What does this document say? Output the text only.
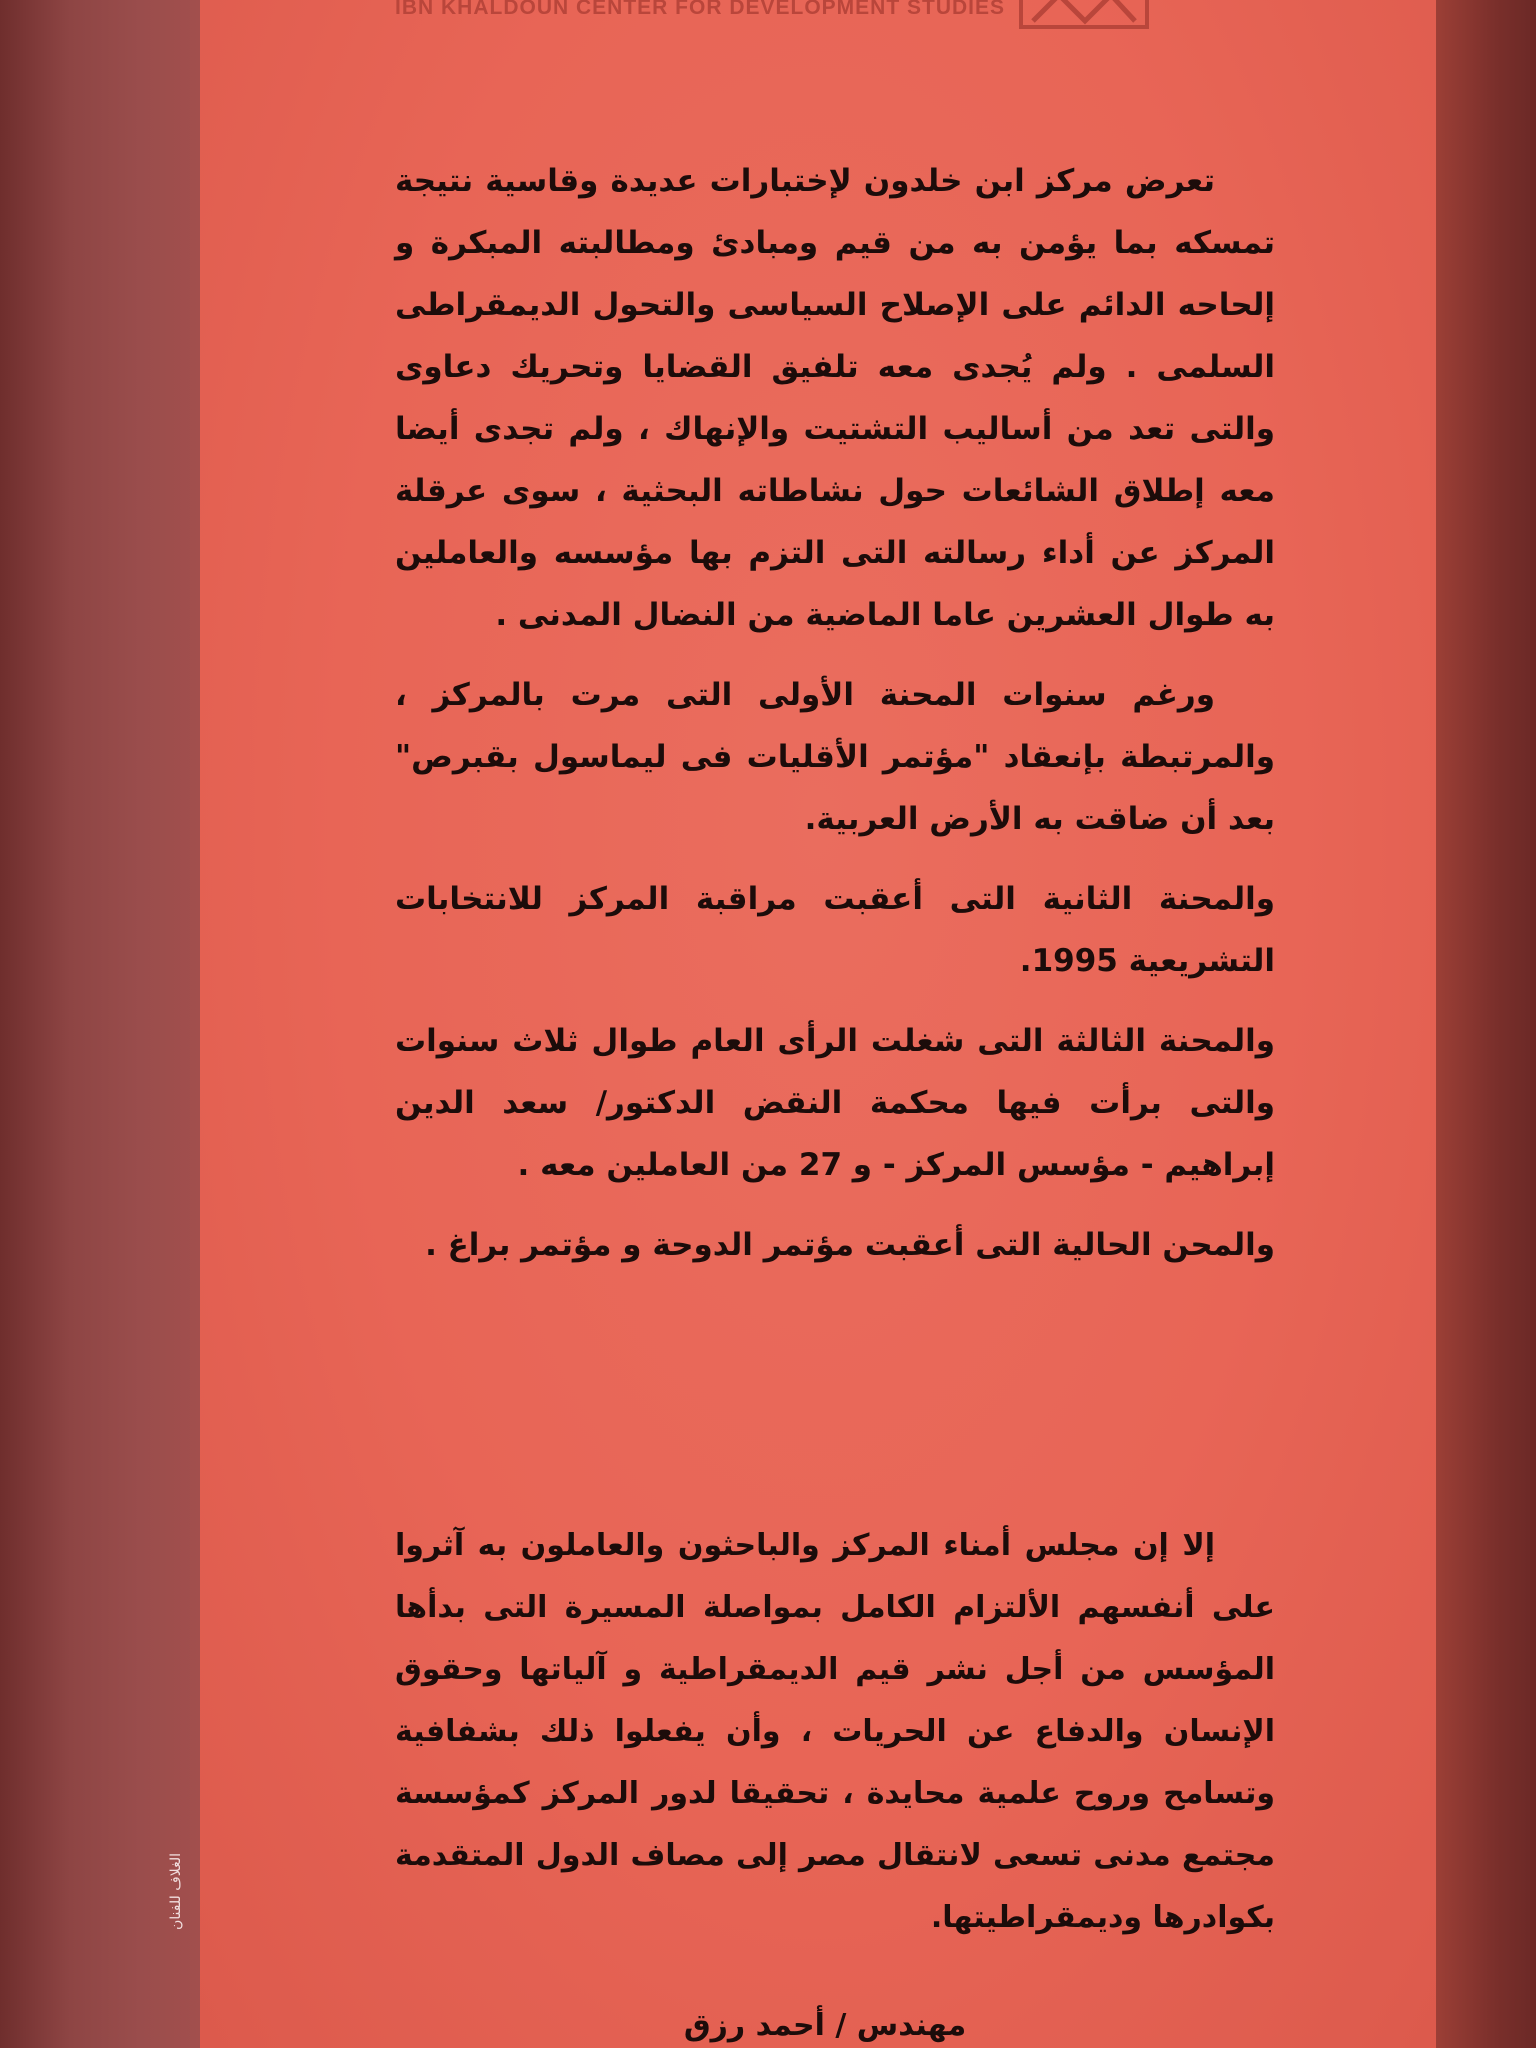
الغلاف للفنان
IBN KHALDOUN CENTER FOR DEVELOPMENT STUDIES

تعرض مركز ابن خلدون لإختبارات عديدة وقاسية نتيجة تمسكه بما يؤمن به من قيم ومبادئ ومطالبته المبكرة و إلحاحه الدائم على الإصلاح السياسى والتحول الديمقراطى السلمى . ولم يُجدى معه تلفيق القضايا وتحريك دعاوى والتى تعد من أساليب التشتيت والإنهاك ، ولم تجدى أيضا معه إطلاق الشائعات حول نشاطاته البحثية ، سوى عرقلة المركز عن أداء رسالته التى التزم بها مؤسسه والعاملين به طوال العشرين عاما الماضية من النضال المدنى .

ورغم سنوات المحنة الأولى التى مرت بالمركز ، والمرتبطة بإنعقاد "مؤتمر الأقليات فى ليماسول بقبرص" بعد أن ضاقت به الأرض العربية.

والمحنة الثانية التى أعقبت مراقبة المركز للانتخابات التشريعية 1995.

والمحنة الثالثة التى شغلت الرأى العام طوال ثلاث سنوات والتى برأت فيها محكمة النقض الدكتور/ سعد الدين إبراهيم - مؤسس المركز - و 27 من العاملين معه .

والمحن الحالية التى أعقبت مؤتمر الدوحة و مؤتمر براغ .

إلا إن مجلس أمناء المركز والباحثون والعاملون به آثروا على أنفسهم الألتزام الكامل بمواصلة المسيرة التى بدأها المؤسس من أجل نشر قيم الديمقراطية و آلياتها وحقوق الإنسان والدفاع عن الحريات ، وأن يفعلوا ذلك بشفافية وتسامح وروح علمية محايدة ، تحقيقا لدور المركز كمؤسسة مجتمع مدنى تسعى لانتقال مصر إلى مصاف الدول المتقدمة بكوادرها وديمقراطيتها.

مهندس / أحمد رزق
